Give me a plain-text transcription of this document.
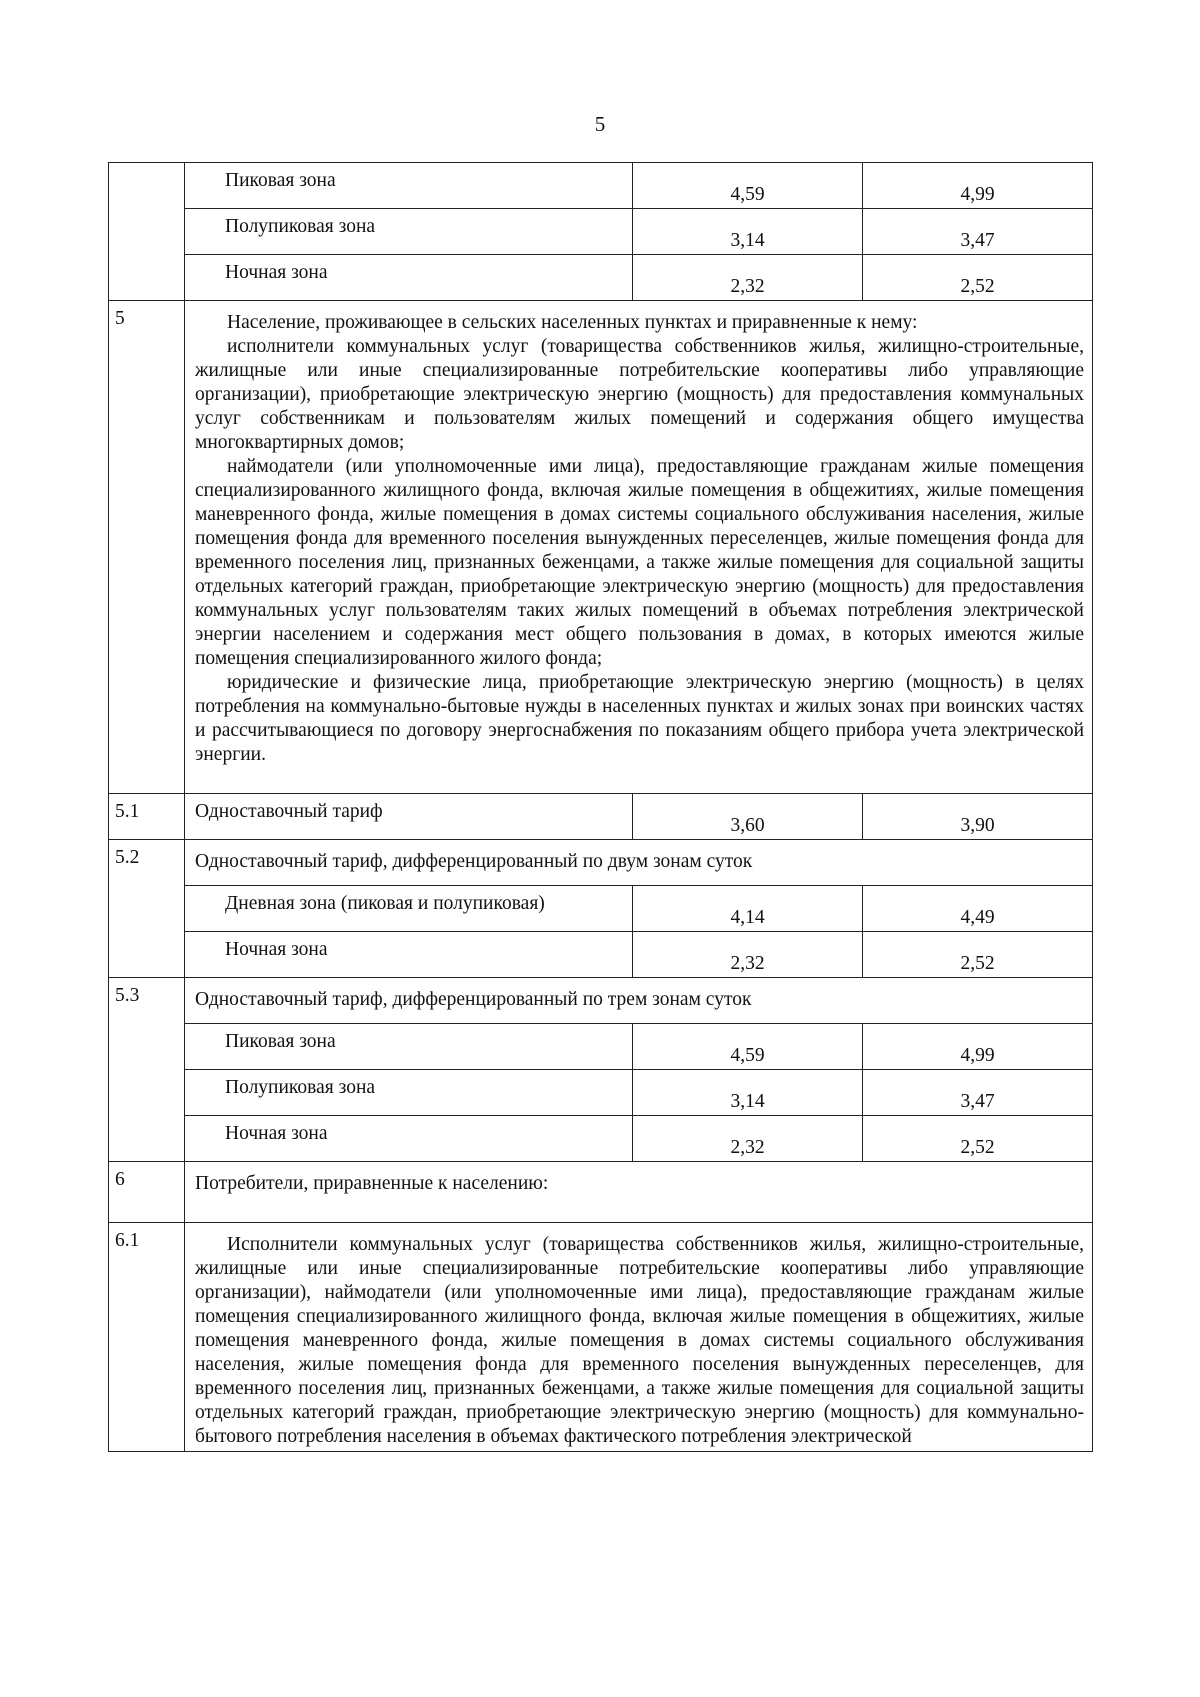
5
	Пиковая зона	4,59	4,99
	Полупиковая зона	3,14	3,47
	Ночная зона	2,32	2,52
5	Население, проживающее в сельских населенных пунктах и приравненные к нему:

исполнители коммунальных услуг (товарищества собственников жилья, жилищно-строительные, жилищные или иные специализированные потребительские кооперативы либо управляющие организации), приобретающие электрическую энергию (мощность) для предоставления коммунальных услуг собственникам и пользователям жилых помещений и содержания общего имущества многоквартирных домов;

наймодатели (или уполномоченные ими лица), предоставляющие гражданам жилые помещения специализированного жилищного фонда, включая жилые помещения в общежитиях, жилые помещения маневренного фонда, жилые помещения в домах системы социального обслуживания населения, жилые помещения фонда для временного поселения вынужденных переселенцев, жилые помещения фонда для временного поселения лиц, признанных беженцами, а также жилые помещения для социальной защиты отдельных категорий граждан, приобретающие электрическую энергию (мощность) для предоставления коммунальных услуг пользователям таких жилых помещений в объемах потребления электрической энергии населением и содержания мест общего пользования в домах, в которых имеются жилые помещения специализированного жилого фонда;

юридические и физические лица, приобретающие электрическую энергию (мощность) в целях потребления на коммунально-бытовые нужды в населенных пунктах и жилых зонах при воинских частях и рассчитывающиеся по договору энергоснабжения по показаниям общего прибора учета электрической энергии.		

5.1	Одноставочный тариф	3,60	3,90
5.2	Одноставочный тариф, дифференцированный по двум зонам суток		
	Дневная зона (пиковая и полупиковая)	4,14	4,49
	Ночная зона	2,32	2,52
5.3	Одноставочный тариф, дифференцированный по трем зонам суток		
	Пиковая зона	4,59	4,99
	Полупиковая зона	3,14	3,47
	Ночная зона	2,32	2,52
6	Потребители, приравненные к населению:		
6.1	Исполнители коммунальных услуг (товарищества собственников жилья, жилищно-строительные, жилищные или иные специализированные потребительские кооперативы либо управляющие организации), наймодатели (или уполномоченные ими лица), предоставляющие гражданам жилые помещения специализированного жилищного фонда, включая жилые помещения в общежитиях, жилые помещения маневренного фонда, жилые помещения в домах системы социального обслуживания населения, жилые помещения фонда для временного поселения вынужденных переселенцев, для временного поселения лиц, признанных беженцами, а также жилые помещения для социальной защиты отдельных категорий граждан, приобретающие электрическую энергию (мощность) для коммунально-бытового потребления населения в объемах фактического потребления электрической		
